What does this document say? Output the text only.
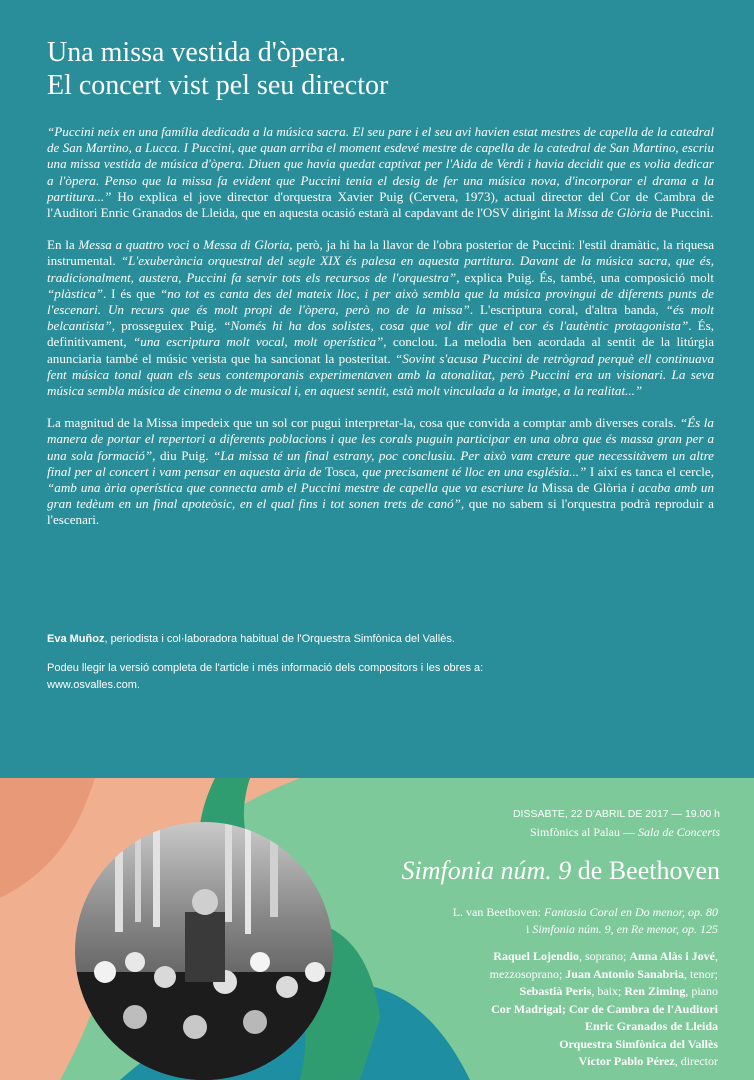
Una missa vestida d'òpera.
El concert vist pel seu director

“Puccini neix en una família dedicada a la música sacra. El seu pare i el seu avi havien estat mestres de capella de la catedral de San Martino, a Lucca. I Puccini, que quan arriba el moment esdevé mestre de capella de la catedral de San Martino, escriu una missa vestida de música d'òpera. Diuen que havia quedat captivat per l'Aida de Verdi i havia decidit que es volia dedicar a l'òpera. Penso que la missa fa evident que Puccini tenia el desig de fer una música nova, d'incorporar el drama a la partitura...” Ho explica el jove director d'orquestra Xavier Puig (Cervera, 1973), actual director del Cor de Cambra de l'Auditori Enric Granados de Lleida, que en aquesta ocasió estarà al capdavant de l'OSV dirigint la Missa de Glòria de Puccini.

En la Messa a quattro voci o Messa di Gloria, però, ja hi ha la llavor de l'obra posterior de Puccini: l'estil dramàtic, la riquesa instrumental. “L'exuberància orquestral del segle XIX és palesa en aquesta partitura. Davant de la música sacra, que és, tradicionalment, austera, Puccini fa servir tots els recursos de l'orquestra”, explica Puig. És, també, una composició molt “plàstica”. I és que “no tot es canta des del mateix lloc, i per això sembla que la música provingui de diferents punts de l'escenari. Un recurs que és molt propi de l'òpera, però no de la missa”. L'escriptura coral, d'altra banda, “és molt belcantista”, prosseguiex Puig. “Només hi ha dos solistes, cosa que vol dir que el cor és l'autèntic protagonista”. És, definitivament, “una escriptura molt vocal, molt operística”, conclou. La melodia ben acordada al sentit de la litúrgia anunciaria també el músic verista que ha sancionat la posteritat. “Sovint s'acusa Puccini de retrògrad perquè ell continuava fent música tonal quan els seus contemporanis experimentaven amb la atonalitat, però Puccini era un visionari. La seva música sembla música de cinema o de musical i, en aquest sentit, està molt vinculada a la imatge, a la realitat...”

La magnitud de la Missa impedeix que un sol cor pugui interpretar-la, cosa que convida a comptar amb diverses corals. “És la manera de portar el repertori a diferents poblacions i que les corals puguin participar en una obra que és massa gran per a una sola formació”, diu Puig. “La missa té un final estrany, poc conclusiu. Per això vam creure que necessitàvem un altre final per al concert i vam pensar en aquesta ària de Tosca, que precisament té lloc en una església...” I així es tanca el cercle, “amb una ària operística que connecta amb el Puccini mestre de capella que va escriure la Missa de Glòria i acaba amb un gran tedèum en un final apoteòsic, en el qual fins i tot sonen trets de canó”, que no sabem si l'orquestra podrà reproduir a l'escenari.

Eva Muñoz, periodista i col·laboradora habitual de l'Orquestra Simfònica del Vallès.
Podeu llegir la versió completa de l'article i més informació dels compositors i les obres a:
www.osvalles.com.
DISSABTE, 22 D'ABRIL DE 2017 — 19.00 h
Simfònics al Palau — Sala de Concerts
Simfonia núm. 9 de Beethoven
L. van Beethoven: Fantasia Coral en Do menor, op. 80
i Simfonia núm. 9, en Re menor, op. 125
Raquel Lojendio, soprano; Anna Alàs i Jové,
mezzosoprano; Juan Antonio Sanabria, tenor;
Sebastià Peris, baix; Ren Ziming, piano
Cor Madrigal; Cor de Cambra de l'Auditori
Enric Granados de Lleida
Orquestra Simfònica del Vallès
Víctor Pablo Pérez, director
